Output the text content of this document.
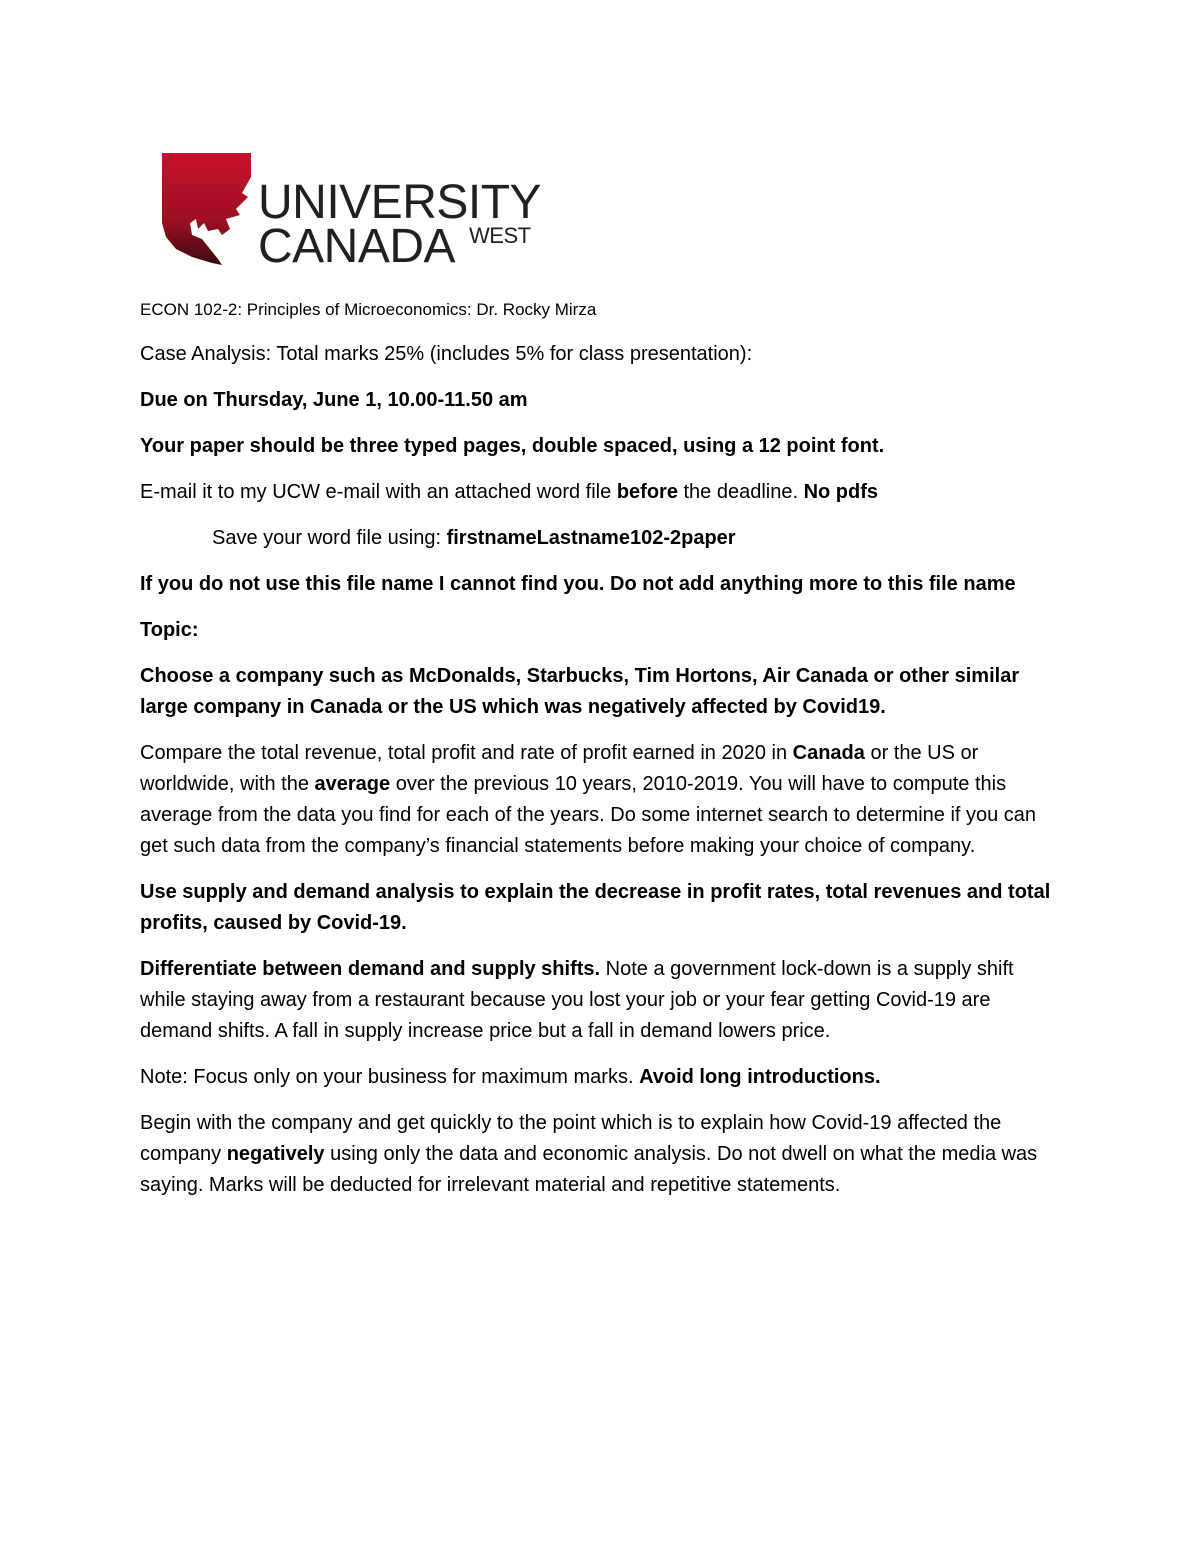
UNIVERSITY
CANADA WEST

ECON 102-2: Principles of Microeconomics: Dr. Rocky Mirza

Case Analysis: Total marks 25% (includes 5% for class presentation):

Due on Thursday, June 1, 10.00-11.50 am

Your paper should be three typed pages, double spaced, using a 12 point font.

E-mail it to my UCW e-mail with an attached word file before the deadline. No pdfs

Save your word file using: firstnameLastname102-2paper

If you do not use this file name I cannot find you. Do not add anything more to this file name

Topic:

Choose a company such as McDonalds, Starbucks, Tim Hortons, Air Canada or other similar large company in Canada or the US which was negatively affected by Covid19.

Compare the total revenue, total profit and rate of profit earned in 2020 in Canada or the US or worldwide, with the average over the previous 10 years, 2010-2019. You will have to compute this average from the data you find for each of the years. Do some internet search to determine if you can get such data from the company’s financial statements before making your choice of company.

Use supply and demand analysis to explain the decrease in profit rates, total revenues and total profits, caused by Covid-19.

Differentiate between demand and supply shifts. Note a government lock-down is a supply shift while staying away from a restaurant because you lost your job or your fear getting Covid-19 are demand shifts. A fall in supply increase price but a fall in demand lowers price.

Note: Focus only on your business for maximum marks. Avoid long introductions.

Begin with the company and get quickly to the point which is to explain how Covid-19 affected the company negatively using only the data and economic analysis. Do not dwell on what the media was saying. Marks will be deducted for irrelevant material and repetitive statements.
